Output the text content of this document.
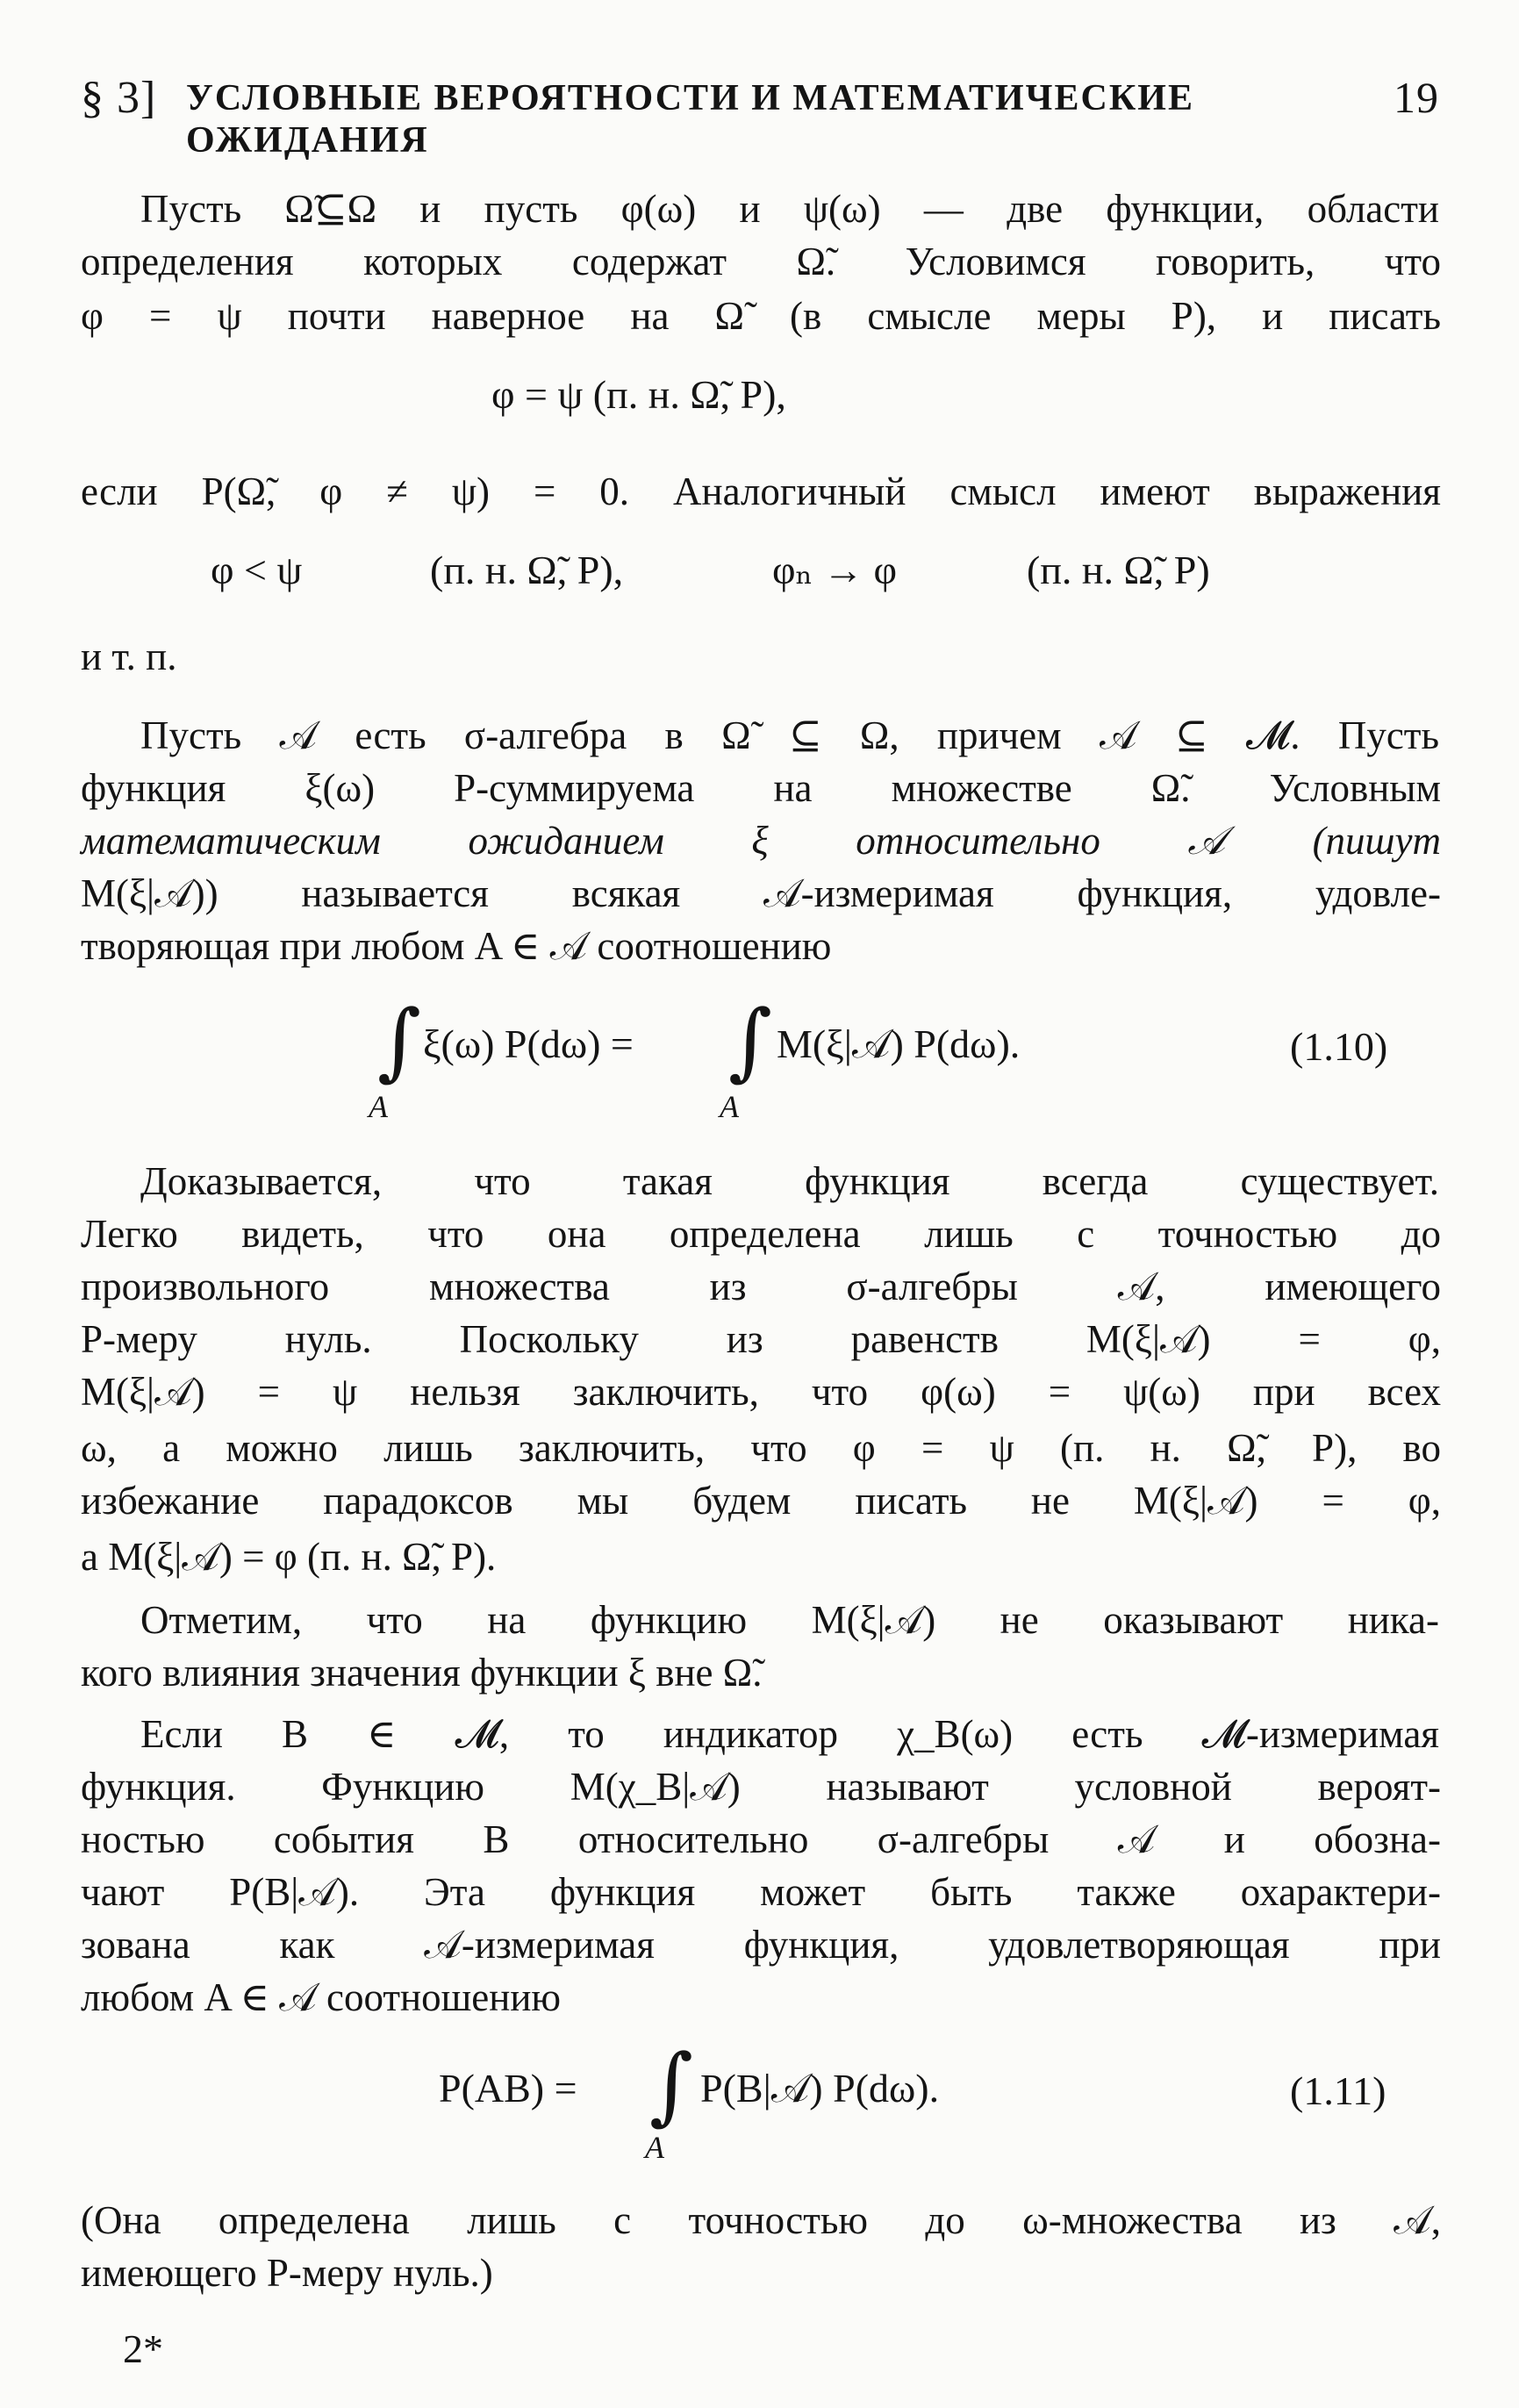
§ 3] УСЛОВНЫЕ ВЕРОЯТНОСТИ И МАТЕМАТИЧЕСКИЕ ОЖИДАНИЯ
19
Пусть Ω̃⊆Ω и пусть φ(ω) и ψ(ω) — две функции, области
определения которых содержат Ω̃. Условимся говорить, что
φ = ψ почти наверное на Ω̃ (в смысле меры P), и писать
φ = ψ (п. н. Ω̃, P),
если P(Ω̃, φ ≠ ψ) = 0. Аналогичный смысл имеют выражения
φ < ψ	(п. н. Ω̃, P),	φₙ → φ	(п. н. Ω̃, P)
и т. п.
Пусть 𝒜 есть σ-алгебра в Ω̃ ⊆ Ω, причем 𝒜 ⊆ 𝓜. Пусть
функция ξ(ω) P-суммируема на множестве Ω̃. Условным
математическим ожиданием ξ относительно 𝒜 (пишут
M(ξ|𝒜)) называется всякая 𝒜-измеримая функция, удовле-
творяющая при любом A ∈ 𝒜 соотношению
∫ ξ(ω) P(dω) = ∫ M(ξ|𝒜) P(dω).
A	A
(1.10)
Доказывается, что такая функция всегда существует.
Легко видеть, что она определена лишь с точностью до
произвольного множества из σ-алгебры 𝒜, имеющего
P-меру нуль. Поскольку из равенств M(ξ|𝒜) = φ,
M(ξ|𝒜) = ψ нельзя заключить, что φ(ω) = ψ(ω) при всех
ω, а можно лишь заключить, что φ = ψ (п. н. Ω̃, P), во
избежание парадоксов мы будем писать не M(ξ|𝒜) = φ,
а M(ξ|𝒜) = φ (п. н. Ω̃, P).
Отметим, что на функцию M(ξ|𝒜) не оказывают ника-
кого влияния значения функции ξ вне Ω̃.
Если B ∈ 𝓜, то индикатор χ_B(ω) есть 𝓜-измеримая
функция. Функцию M(χ_B|𝒜) называют условной вероят-
ностью события B относительно σ-алгебры 𝒜 и обозна-
чают P(B|𝒜). Эта функция может быть также охарактери-
зована как 𝒜-измеримая функция, удовлетворяющая при
любом A ∈ 𝒜 соотношению
P(AB) = ∫ P(B|𝒜) P(dω).
A
(1.11)
(Она определена лишь с точностью до ω-множества из 𝒜,
имеющего P-меру нуль.)
2*
